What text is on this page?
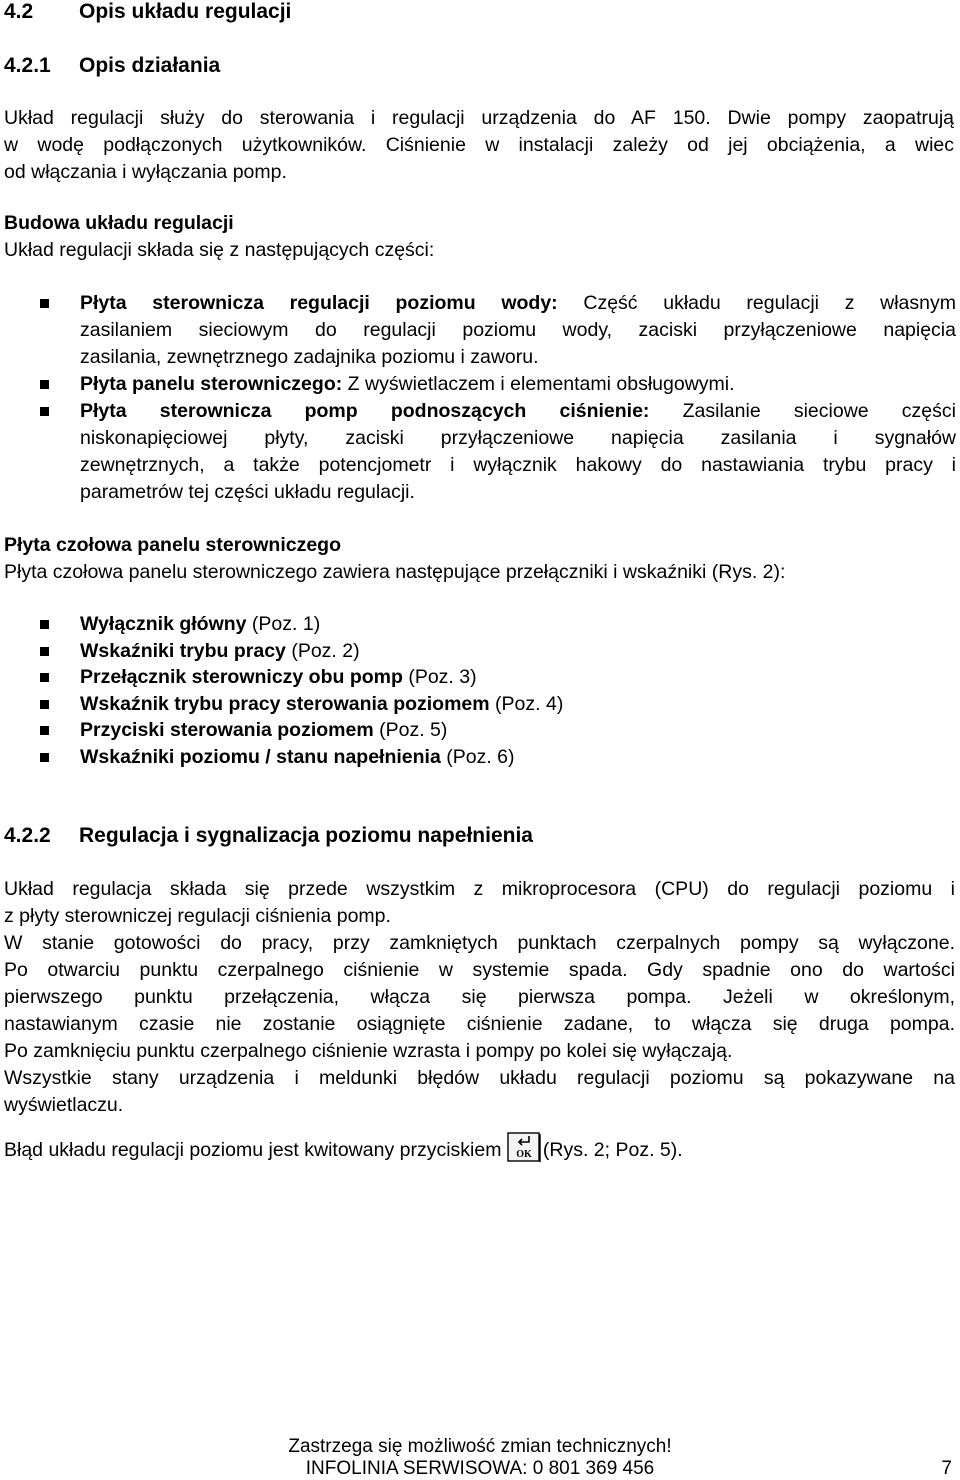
4.2 Opis układu regulacji
4.2.1 Opis działania
Układ regulacji służy do sterowania i regulacji urządzenia do AF 150. Dwie pompy zaopatrują
w wodę podłączonych użytkowników. Ciśnienie w instalacji zależy od jej obciążenia, a wiec
od włączania i wyłączania pomp.
Budowa układu regulacji
Układ regulacji składa się z następujących części:
Płyta sterownicza regulacji poziomu wody: Część układu regulacji z własnym
zasilaniem sieciowym do regulacji poziomu wody, zaciski przyłączeniowe napięcia
zasilania, zewnętrznego zadajnika poziomu i zaworu.
Płyta panelu sterowniczego: Z wyświetlaczem i elementami obsługowymi.
Płyta sterownicza pomp podnoszących ciśnienie: Zasilanie sieciowe części
niskonapięciowej płyty, zaciski przyłączeniowe napięcia zasilania i sygnałów
zewnętrznych, a także potencjometr i wyłącznik hakowy do nastawiania trybu pracy i
parametrów tej części układu regulacji.
Płyta czołowa panelu sterowniczego
Płyta czołowa panelu sterowniczego zawiera następujące przełączniki i wskaźniki (Rys. 2):
Wyłącznik główny (Poz. 1)
Wskaźniki trybu pracy (Poz. 2)
Przełącznik sterowniczy obu pomp (Poz. 3)
Wskaźnik trybu pracy sterowania poziomem (Poz. 4)
Przyciski sterowania poziomem (Poz. 5)
Wskaźniki poziomu / stanu napełnienia (Poz. 6)
4.2.2 Regulacja i sygnalizacja poziomu napełnienia
Układ regulacja składa się przede wszystkim z mikroprocesora (CPU) do regulacji poziomu i
z płyty sterowniczej regulacji ciśnienia pomp.
W stanie gotowości do pracy, przy zamkniętych punktach czerpalnych pompy są wyłączone.
Po otwarciu punktu czerpalnego ciśnienie w systemie spada. Gdy spadnie ono do wartości
pierwszego punktu przełączenia, włącza się pierwsza pompa. Jeżeli w określonym,
nastawianym czasie nie zostanie osiągnięte ciśnienie zadane, to włącza się druga pompa.
Po zamknięciu punktu czerpalnego ciśnienie wzrasta i pompy po kolei się wyłączają.
Wszystkie stany urządzenia i meldunki błędów układu regulacji poziomu są pokazywane na
wyświetlaczu.
Błąd układu regulacji poziomu jest kwitowany przyciskiem OK (Rys. 2; Poz. 5).
Zastrzega się możliwość zmian technicznych!
INFOLINIA SERWISOWA: 0 801 369 456	7
